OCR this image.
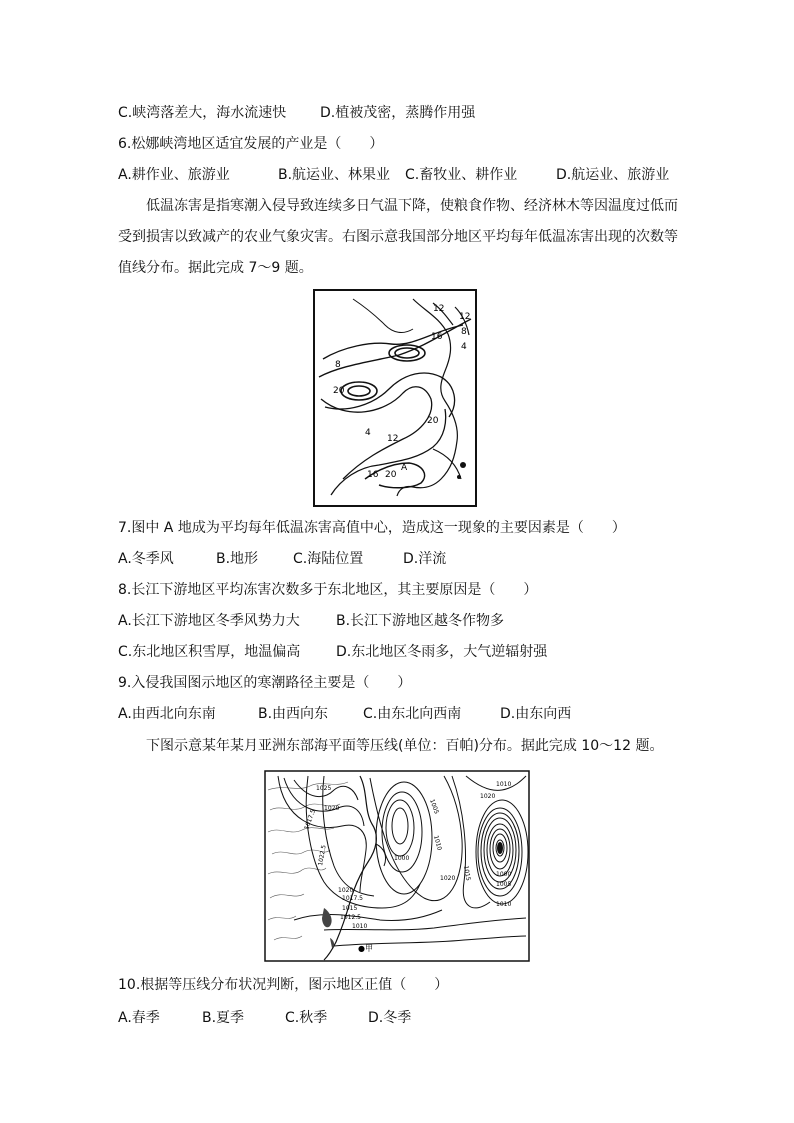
C.峡湾落差大，海水流速快 D.植被茂密，蒸腾作用强
6.松娜峡湾地区适宜发展的产业是（　　）
A.耕作业、旅游业	B.航运业、林果业 C.畜牧业、耕作业	D.航运业、旅游业
低温冻害是指寒潮入侵导致连续多日气温下降，使粮食作物、经济林木等因温度过低而
受到损害以致减产的农业气象灾害。右图示意我国部分地区平均每年低温冻害出现的次数等
值线分布。据此完成 7～9 题。
12
12
16 8
4
8
20
20
4
12
16 20
A
7.图中 A 地成为平均每年低温冻害高值中心，造成这一现象的主要因素是（　　）
A.冬季风	B.地形 C.海陆位置	D.洋流
8.长江下游地区平均冻害次数多于东北地区，其主要原因是（　　）
A.长江下游地区冬季风势力大	B.长江下游地区越冬作物多
C.东北地区积雪厚，地温偏高	D.东北地区冬雨多，大气逆辐射强
9.入侵我国图示地区的寒潮路径主要是（　　）
A.由西北向东南	B.由西向东 C.由东北向西南	D.由东向西
下图示意某年某月亚洲东部海平面等压线(单位：百帕)分布。据此完成 10～12 题。
1025
1020
1017.5
1022.5
1020
1017.5
1015
1012.5
1010
1000
1005
1010
1020
1000
1005
1010
1010
1020
1015
●甲
10.根据等压线分布状况判断，图示地区正值（　　）
A.春季	B.夏季	C.秋季	D.冬季
